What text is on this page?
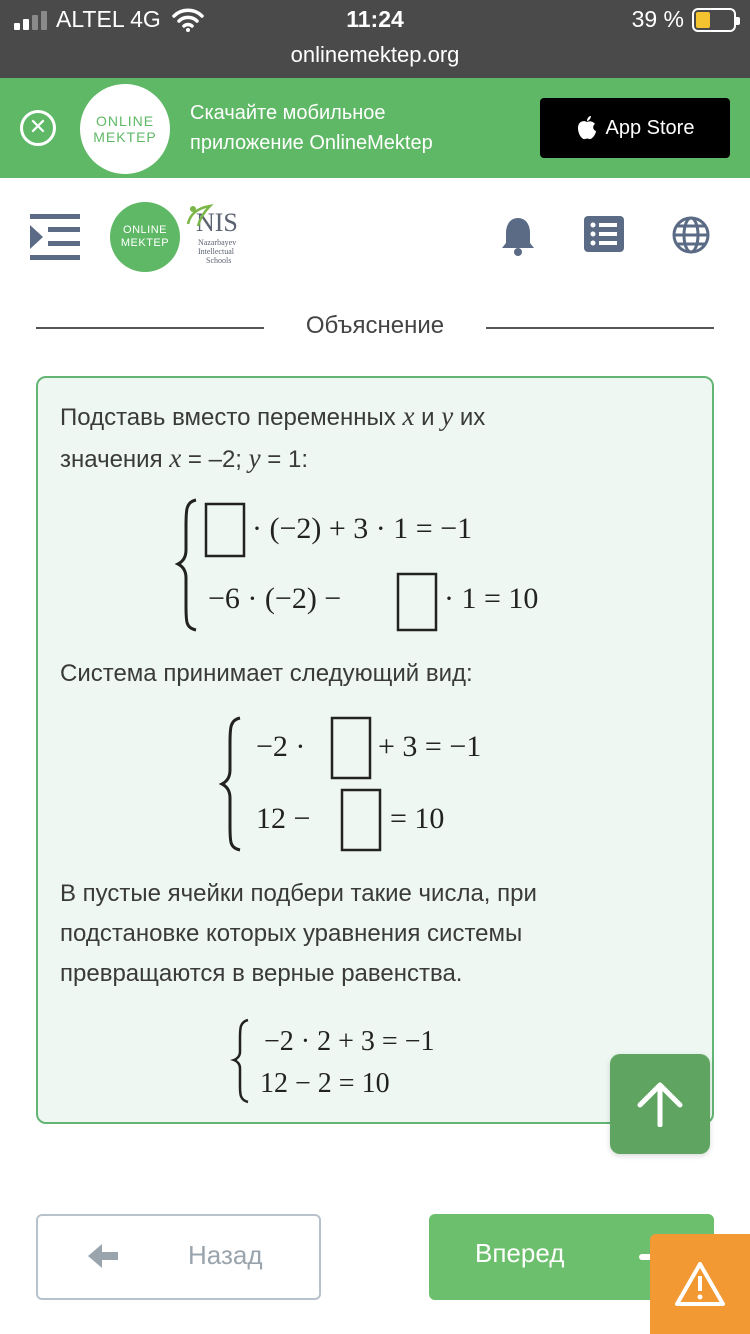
ALTEL 4G	11:24	39 %
onlinemektep.org
✕	ONLINE
MEKTEP
Скачайте мобильное
приложение OnlineMektep
App Store
ONLINE
MEKTEP
NIS
Nazarbayev
Intellectual
Schools
Объяснение
Подставь вместо переменных x и y их
значения x = –2; y = 1:
· (−2) + 3 · 1 = −1
−6 · (−2) −	· 1 = 10
Система принимает следующий вид:
−2 · + 3 = −1
12 −	= 10
В пустые ячейки подбери такие числа, при
подстановке которых уравнения системы
превращаются в верные равенства.
−2 · 2 + 3 = −1
12 − 2 = 10
Назад	Вперед
